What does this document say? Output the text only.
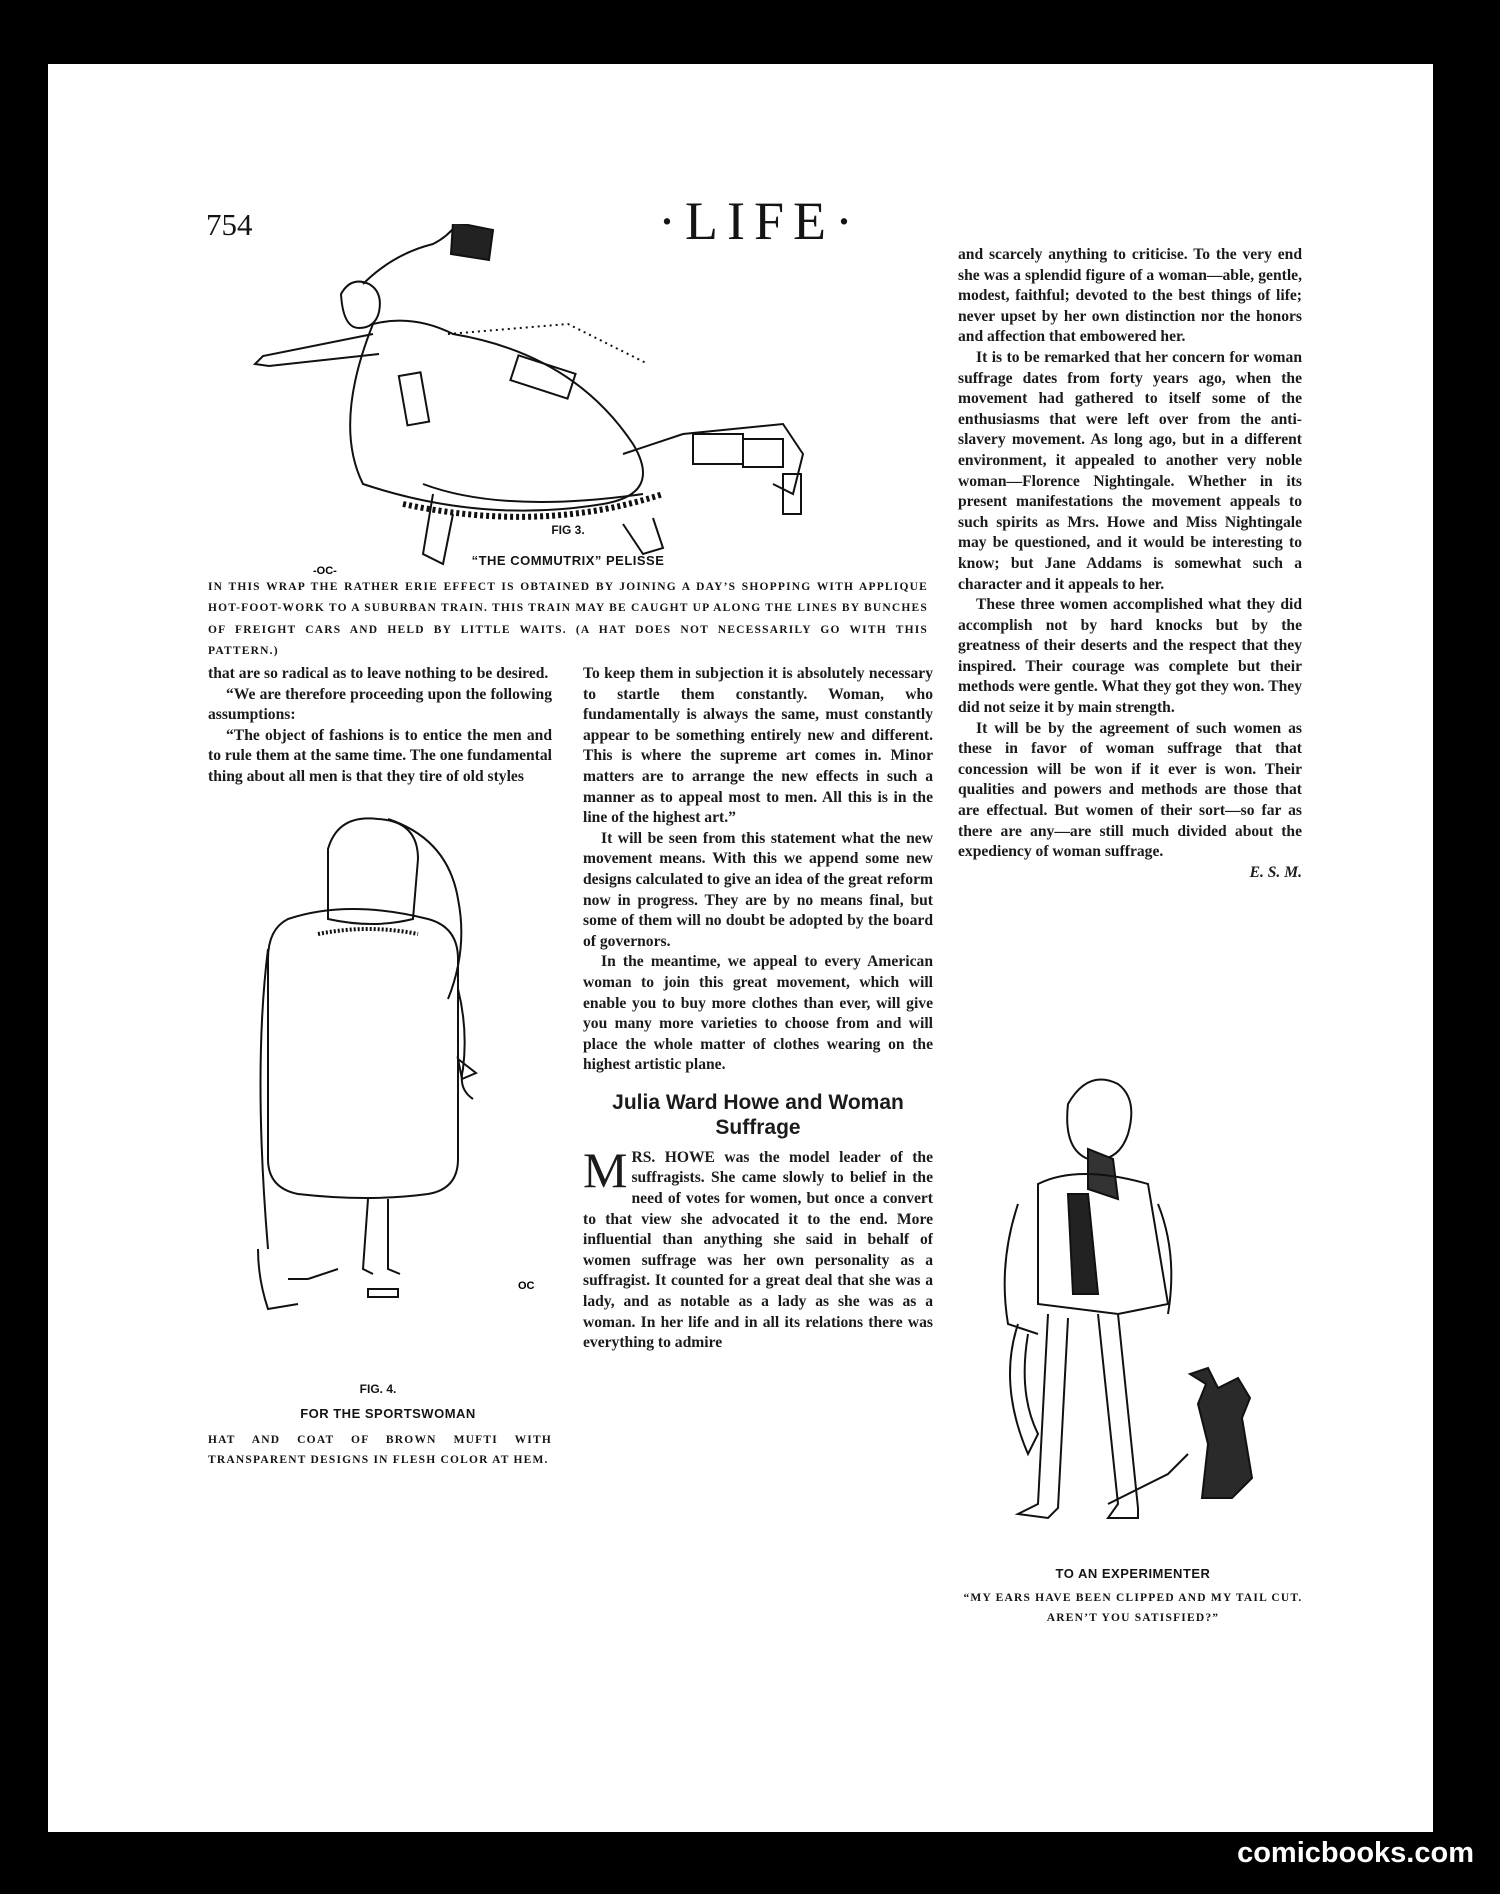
754	·LIFE·
-OC-
FIG 3.
“THE COMMUTRIX” PELISSE
IN THIS WRAP THE RATHER ERIE EFFECT IS OBTAINED BY JOINING A DAY’S SHOPPING WITH APPLIQUE HOT-FOOT-WORK TO A SUBURBAN TRAIN. THIS TRAIN MAY BE CAUGHT UP ALONG THE LINES BY BUNCHES OF FREIGHT CARS AND HELD BY LITTLE WAITS. (A HAT DOES NOT NECESSARILY GO WITH THIS PATTERN.)

that are so radical as to leave nothing to be desired.

“We are therefore proceeding upon the following assumptions:

“The object of fashions is to entice the men and to rule them at the same time. The one fundamental thing about all men is that they tire of old styles

OC
FIG. 4.
FOR THE SPORTSWOMAN
HAT AND COAT OF BROWN MUFTI WITH TRANSPARENT DESIGNS IN FLESH COLOR AT HEM.

To keep them in subjection it is absolutely necessary to startle them constantly. Woman, who fundamentally is always the same, must constantly appear to be something entirely new and different. This is where the supreme art comes in. Minor matters are to arrange the new effects in such a manner as to appeal most to men. All this is in the line of the highest art.”

It will be seen from this statement what the new movement means. With this we append some new designs calculated to give an idea of the great reform now in progress. They are by no means final, but some of them will no doubt be adopted by the board of governors.

In the meantime, we appeal to every American woman to join this great movement, which will enable you to buy more clothes than ever, will give you many more varieties to choose from and will place the whole matter of clothes wearing on the highest artistic plane.

Julia Ward Howe and Woman Suffrage

MRS. HOWE was the model leader of the suffragists. She came slowly to belief in the need of votes for women, but once a convert to that view she advocated it to the end. More influential than anything she said in behalf of women suffrage was her own personality as a suffragist. It counted for a great deal that she was a lady, and as notable as a lady as she was as a woman. In her life and in all its relations there was everything to admire

and scarcely anything to criticise. To the very end she was a splendid figure of a woman—able, gentle, modest, faithful; devoted to the best things of life; never upset by her own distinction nor the honors and affection that embowered her.

It is to be remarked that her concern for woman suffrage dates from forty years ago, when the movement had gathered to itself some of the enthusiasms that were left over from the anti-slavery movement. As long ago, but in a different environment, it appealed to another very noble woman—Florence Nightingale. Whether in its present manifestations the movement appeals to such spirits as Mrs. Howe and Miss Nightingale may be questioned, and it would be interesting to know; but Jane Addams is somewhat such a character and it appeals to her.

These three women accomplished what they did accomplish not by hard knocks but by the greatness of their deserts and the respect that they inspired. Their courage was complete but their methods were gentle. What they got they won. They did not seize it by main strength.

It will be by the agreement of such women as these in favor of woman suffrage that that concession will be won if it ever is won. Their qualities and powers and methods are those that are effectual. But women of their sort—so far as there are any—are still much divided about the expediency of woman suffrage.

E. S. M.

TO AN EXPERIMENTER
“MY EARS HAVE BEEN CLIPPED AND MY TAIL CUT. AREN’T YOU SATISFIED?”
comicbooks.com
